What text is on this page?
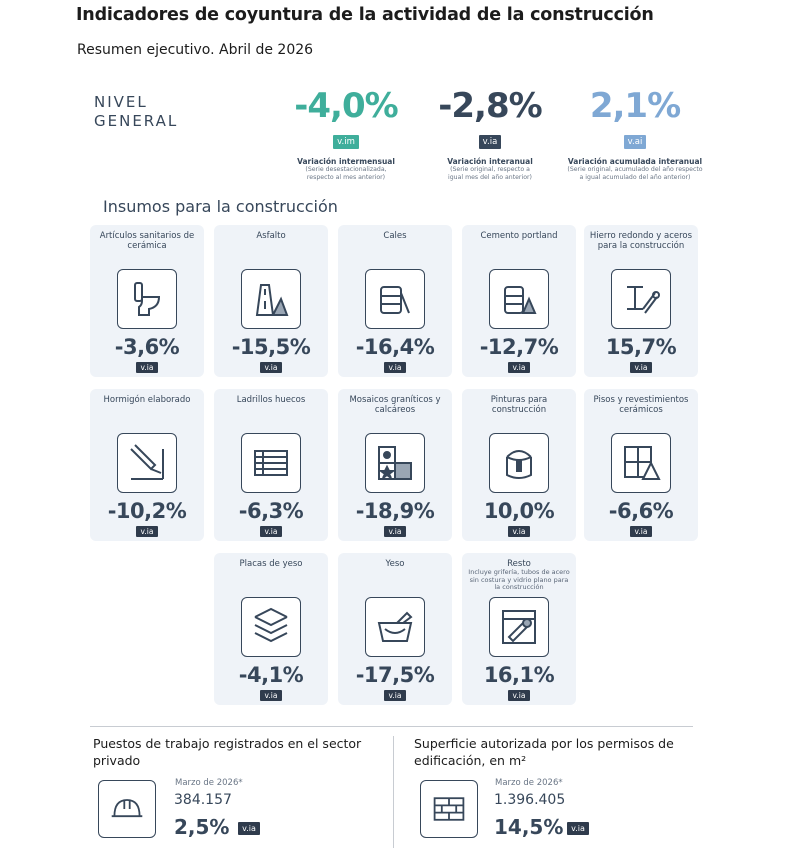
Indicadores de coyuntura de la actividad de la construcción
Resumen ejecutivo. Abril de 2026
NIVEL
GENERAL	-4,0%
v.im
Variación intermensual
(Serie desestacionalizada,
respecto al mes anterior)
-2,8%
v.ia
Variación interanual
(Serie original, respecto a
igual mes del año anterior)
2,1%
v.ai
Variación acumulada interanual
(Serie original, acumulado del año respecto
a igual acumulado del año anterior)
Insumos para la construcción
Artículos sanitarios de cerámica
-3,6%
v.ia
Asfalto
-15,5%
v.ia
Cales
-16,4%
v.ia
Cemento portland
-12,7%
v.ia
Hierro redondo y aceros para la construcción
15,7%
v.ia
Hormigón elaborado
-10,2%
v.ia
Ladrillos huecos
-6,3%
v.ia
Mosaicos graníticos y calcáreos
-18,9%
v.ia
Pinturas para construcción
10,0%
v.ia
Pisos y revestimientos cerámicos
-6,6%
v.ia
Placas de yeso
-4,1%
v.ia
Yeso
-17,5%
v.ia
Resto
Incluye grifería, tubos de acero sin costura y vidrio plano para la construcción
16,1%
v.ia
Puestos de trabajo registrados en el sector privado
Marzo de 2026*
384.157
2,5%	v.ia
Superficie autorizada por los permisos de edificación, en m²
Marzo de 2026*
1.396.405
14,5% v.ia
